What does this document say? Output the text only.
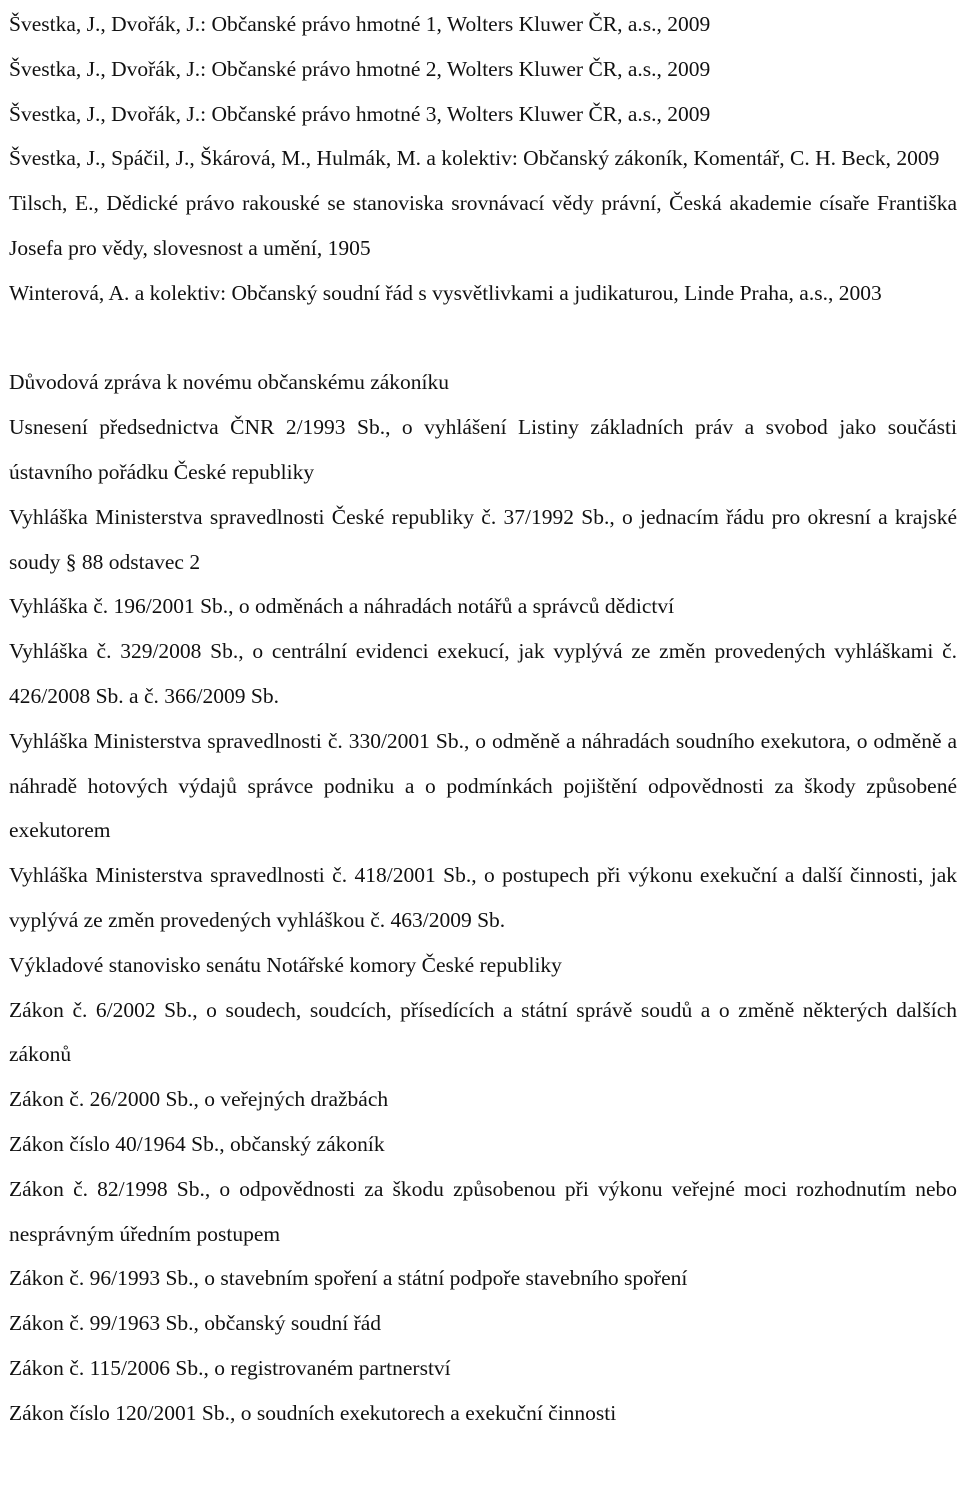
Švestka, J., Dvořák, J.: Občanské právo hmotné 1, Wolters Kluwer ČR, a.s., 2009

Švestka, J., Dvořák, J.: Občanské právo hmotné 2, Wolters Kluwer ČR, a.s., 2009

Švestka, J., Dvořák, J.: Občanské právo hmotné 3, Wolters Kluwer ČR, a.s., 2009

Švestka, J., Spáčil, J., Škárová, M., Hulmák, M. a kolektiv: Občanský zákoník, Komentář, C. H. Beck, 2009

Tilsch, E., Dědické právo rakouské se stanoviska srovnávací vědy právní, Česká akademie císaře Františka Josefa pro vědy, slovesnost a umění, 1905

Winterová, A. a kolektiv: Občanský soudní řád s vysvětlivkami a judikaturou, Linde Praha, a.s., 2003

Důvodová zpráva k novému občanskému zákoníku

Usnesení předsednictva ČNR 2/1993 Sb., o vyhlášení Listiny základních práv a svobod jako součásti ústavního pořádku České republiky

Vyhláška Ministerstva spravedlnosti České republiky č. 37/1992 Sb., o jednacím řádu pro okresní a krajské soudy § 88 odstavec 2

Vyhláška č. 196/2001 Sb., o odměnách a náhradách notářů a správců dědictví

Vyhláška č. 329/2008 Sb., o centrální evidenci exekucí, jak vyplývá ze změn provedených vyhláškami č. 426/2008 Sb. a č. 366/2009 Sb.

Vyhláška Ministerstva spravedlnosti č. 330/2001 Sb., o odměně a náhradách soudního exekutora, o odměně a náhradě hotových výdajů správce podniku a o podmínkách pojištění odpovědnosti za škody způsobené exekutorem

Vyhláška Ministerstva spravedlnosti č. 418/2001 Sb., o postupech při výkonu exekuční a další činnosti, jak vyplývá ze změn provedených vyhláškou č. 463/2009 Sb.

Výkladové stanovisko senátu Notářské komory České republiky

Zákon č. 6/2002 Sb., o soudech, soudcích, přísedících a státní správě soudů a o změně některých dalších zákonů

Zákon č. 26/2000 Sb., o veřejných dražbách

Zákon číslo 40/1964 Sb., občanský zákoník

Zákon č. 82/1998 Sb., o odpovědnosti za škodu způsobenou při výkonu veřejné moci rozhodnutím nebo nesprávným úředním postupem

Zákon č. 96/1993 Sb., o stavebním spoření a státní podpoře stavebního spoření

Zákon č. 99/1963 Sb., občanský soudní řád

Zákon č. 115/2006 Sb., o registrovaném partnerství

Zákon číslo 120/2001 Sb., o soudních exekutorech a exekuční činnosti
